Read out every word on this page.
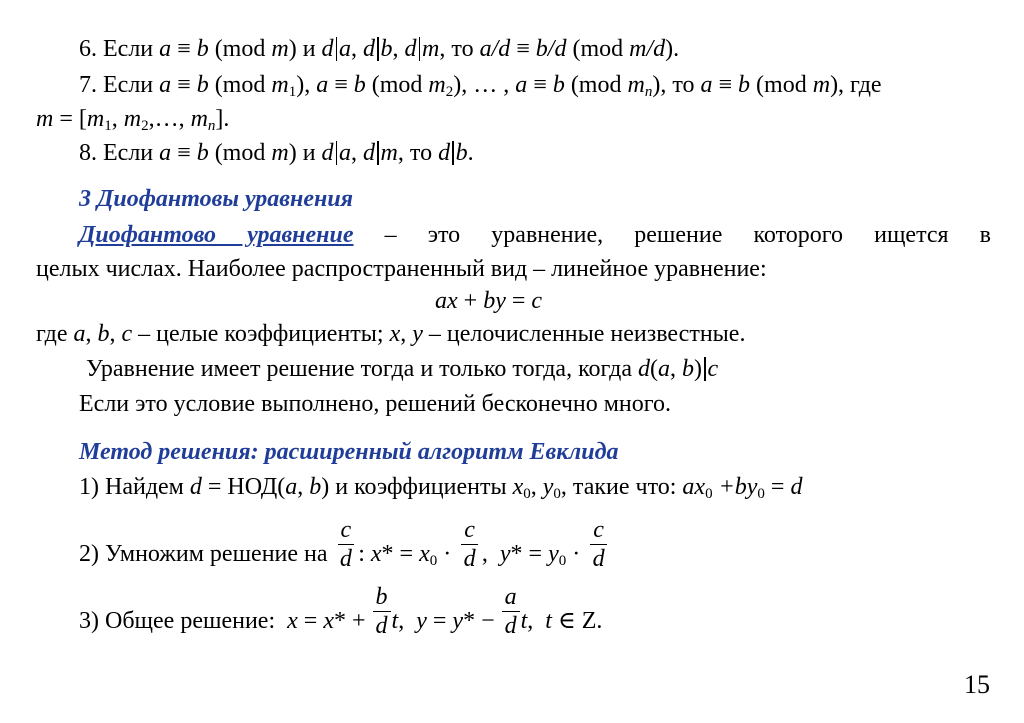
6. Если a ≡ b (mod m) и d a, d b, d m, то a/d ≡ b/d (mod m/d).
7. Если a ≡ b (mod $m_1$), a ≡ b (mod $m_2$), … , a ≡ b (mod $m_n$), то a ≡ b (mod m), где
$m = [m_1$, $m_2,\dots$, $m_n$].
8. Если a ≡ b (mod m) и d a, d m, то d b.
3 Диофантовы уравнения
Диофантово уравнение – это уравнение, решение которого ищется в
целых числах. Наиболее распространенный вид – линейное уравнение:
ax + by = c
где a, b, c – целые коэффициенты; x, y – целочисленные неизвестные.
Уравнение имеет решение тогда и только тогда, когда d(a, b) c
Если это условие выполнено, решений бесконечно много.
Метод решения: расширенный алгоритм Евклида
1) Найдем d = НОД(a, b) и коэффициенты $x_0$, $y_0$, такие что: $ax_0 +by_0 = d$
2) Умножим решение на $\frac{c}{d}$ : $x* = x_0 \cdot \frac{c}{d}$ ,  $y* = y_0 \cdot \frac{c}{d}$
3) Общее решение: $x = x* + \frac{b}{d} t$,  $y = y* - \frac{a}{d} t$,  t ∈ Z.
15
